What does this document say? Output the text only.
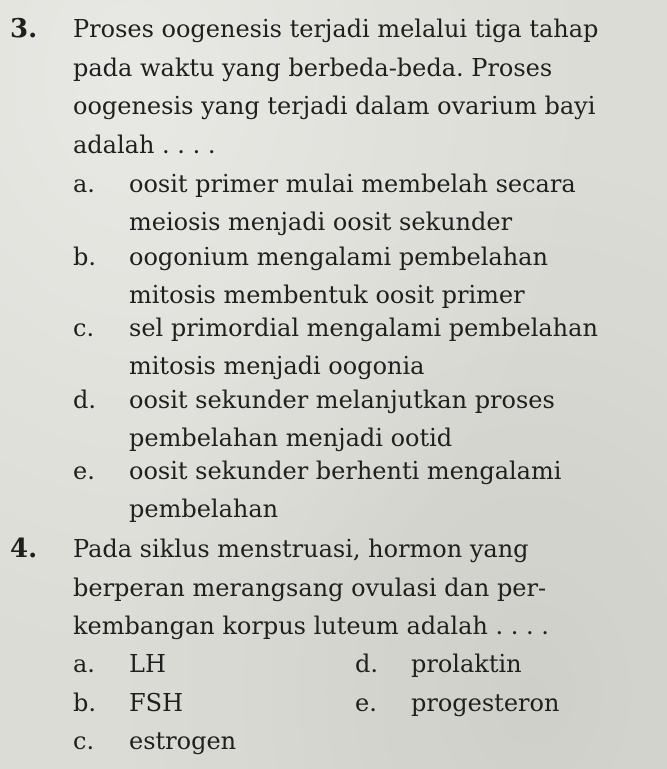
3. Proses oogenesis terjadi melalui tiga tahap
pada waktu yang berbeda-beda. Proses
oogenesis yang terjadi dalam ovarium bayi
adalah . . . .
a. oosit primer mulai membelah secara
meiosis menjadi oosit sekunder
b. oogonium mengalami pembelahan
mitosis membentuk oosit primer
c. sel primordial mengalami pembelahan
mitosis menjadi oogonia
d. oosit sekunder melanjutkan proses
pembelahan menjadi ootid
e. oosit sekunder berhenti mengalami
pembelahan
4. Pada siklus menstruasi, hormon yang
berperan merangsang ovulasi dan per-
kembangan korpus luteum adalah . . . .
a. LH
b. FSH
c. estrogen
d. prolaktin
e. progesteron
